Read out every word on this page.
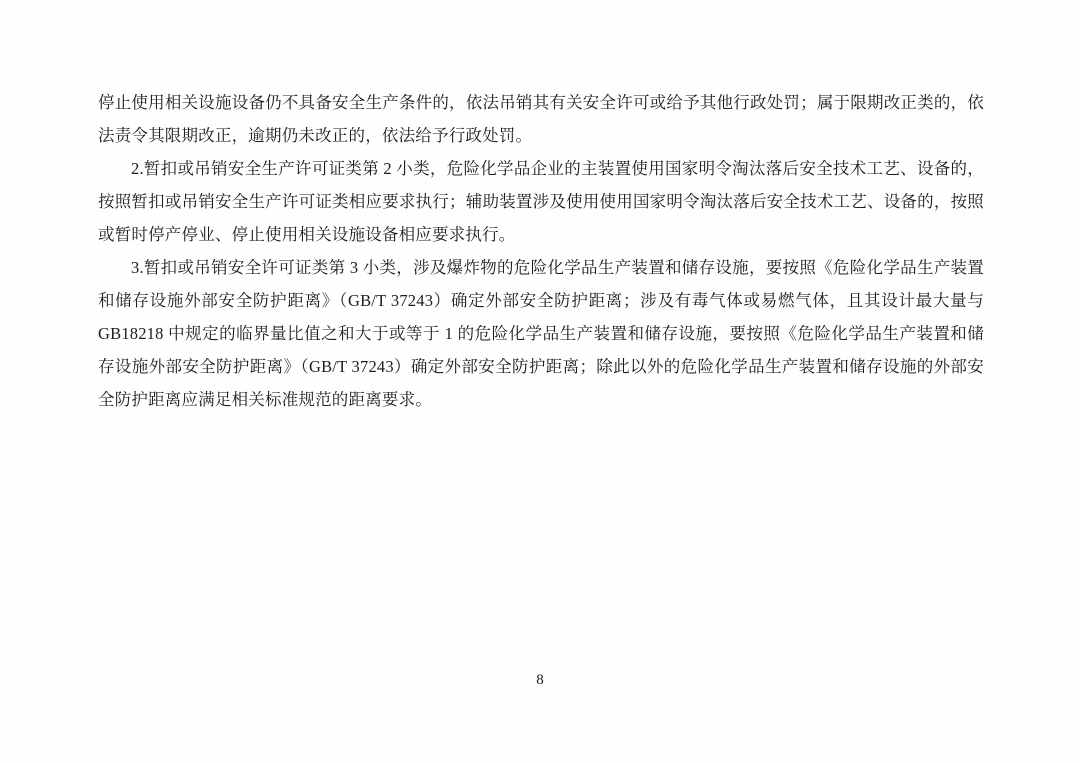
停止使用相关设施设备仍不具备安全生产条件的，依法吊销其有关安全许可或给予其他行政处罚；属于限期改正类的，依法责令其限期改正，逾期仍未改正的，依法给予行政处罚。

2.暂扣或吊销安全生产许可证类第 2 小类，危险化学品企业的主装置使用国家明令淘汰落后安全技术工艺、设备的，按照暂扣或吊销安全生产许可证类相应要求执行；辅助装置涉及使用使用国家明令淘汰落后安全技术工艺、设备的，按照或暂时停产停业、停止使用相关设施设备相应要求执行。

3.暂扣或吊销安全许可证类第 3 小类，涉及爆炸物的危险化学品生产装置和储存设施，要按照《危险化学品生产装置和储存设施外部安全防护距离》（GB/T 37243）确定外部安全防护距离；涉及有毒气体或易燃气体，且其设计最大量与 GB18218 中规定的临界量比值之和大于或等于 1 的危险化学品生产装置和储存设施，要按照《危险化学品生产装置和储存设施外部安全防护距离》（GB/T 37243）确定外部安全防护距离；除此以外的危险化学品生产装置和储存设施的外部安全防护距离应满足相关标准规范的距离要求。

8
